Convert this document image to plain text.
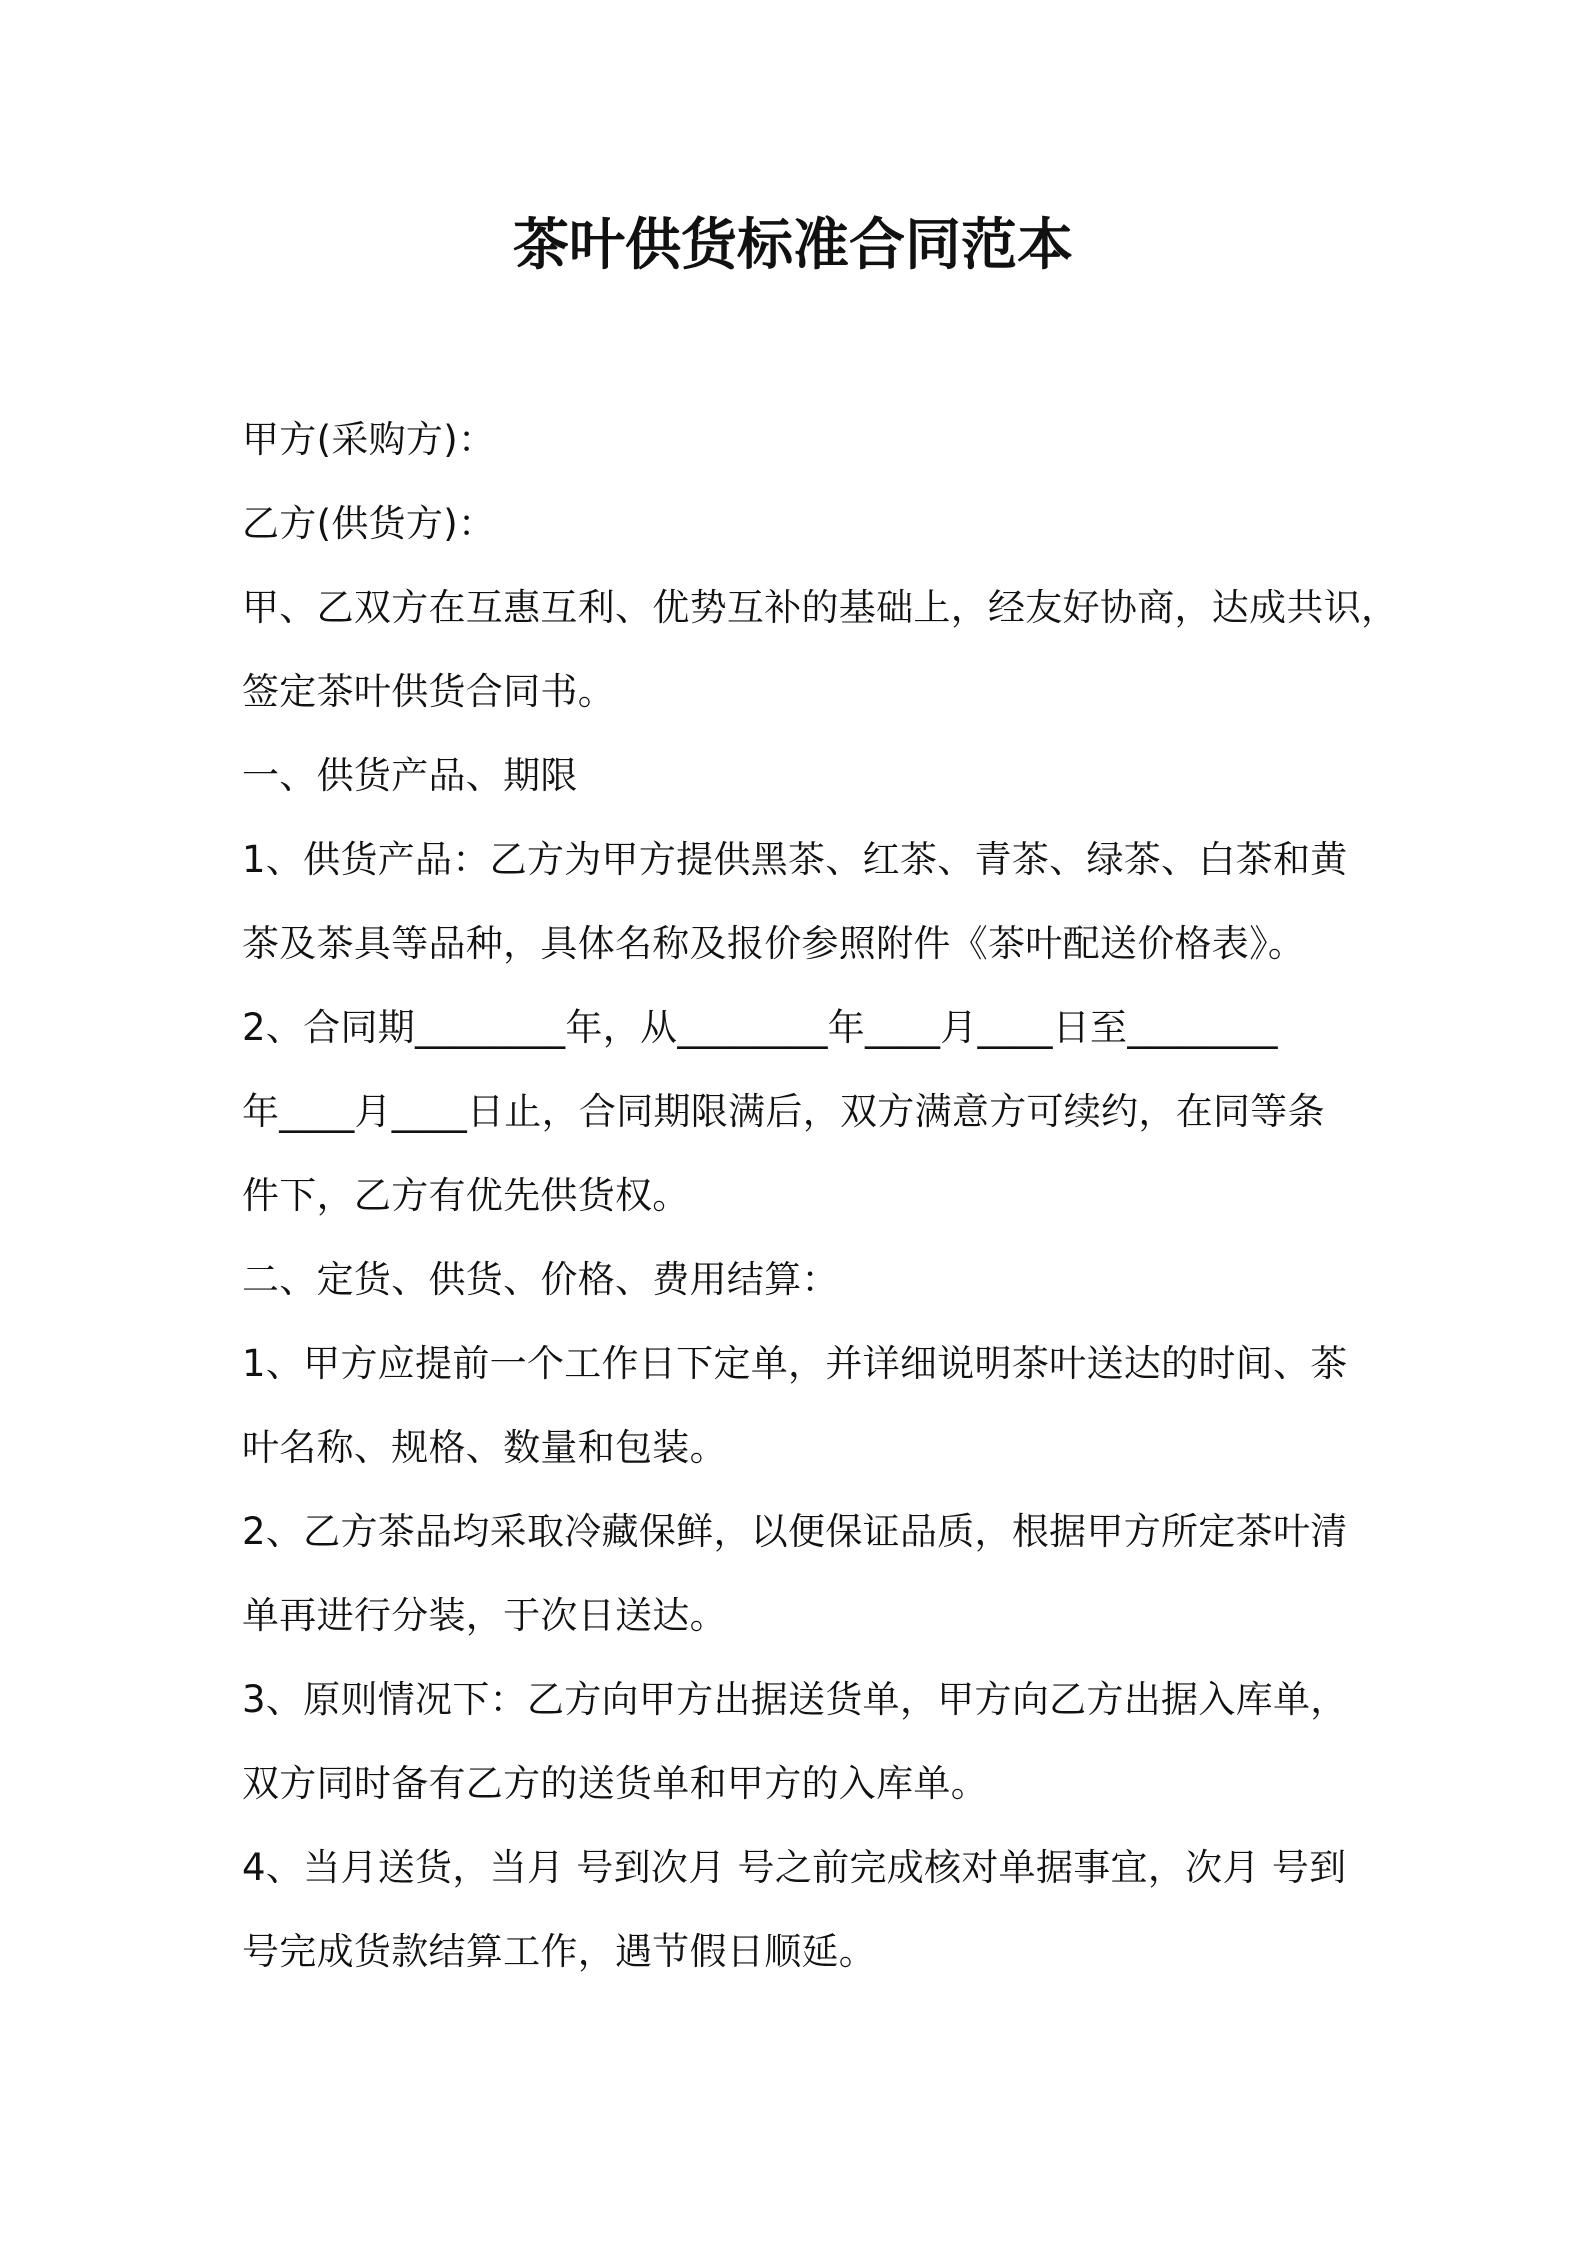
茶叶供货标准合同范本
甲方(采购方)：
乙方(供货方)：
甲、乙双方在互惠互利、优势互补的基础上，经友好协商，达成共识，
签定茶叶供货合同书。
一、供货产品、期限
1、供货产品：乙方为甲方提供黑茶、红茶、青茶、绿茶、白茶和黄
茶及茶具等品种，具体名称及报价参照附件《茶叶配送价格表》。
2、合同期________年，从________年____月____日至________
年____月____日止，合同期限满后，双方满意方可续约，在同等条
件下，乙方有优先供货权。
二、定货、供货、价格、费用结算：
1、甲方应提前一个工作日下定单，并详细说明茶叶送达的时间、茶
叶名称、规格、数量和包装。
2、乙方茶品均采取冷藏保鲜，以便保证品质，根据甲方所定茶叶清
单再进行分装，于次日送达。
3、原则情况下：乙方向甲方出据送货单，甲方向乙方出据入库单，
双方同时备有乙方的送货单和甲方的入库单。
4、当月送货，当月 号到次月 号之前完成核对单据事宜，次月 号到
号完成货款结算工作，遇节假日顺延。
